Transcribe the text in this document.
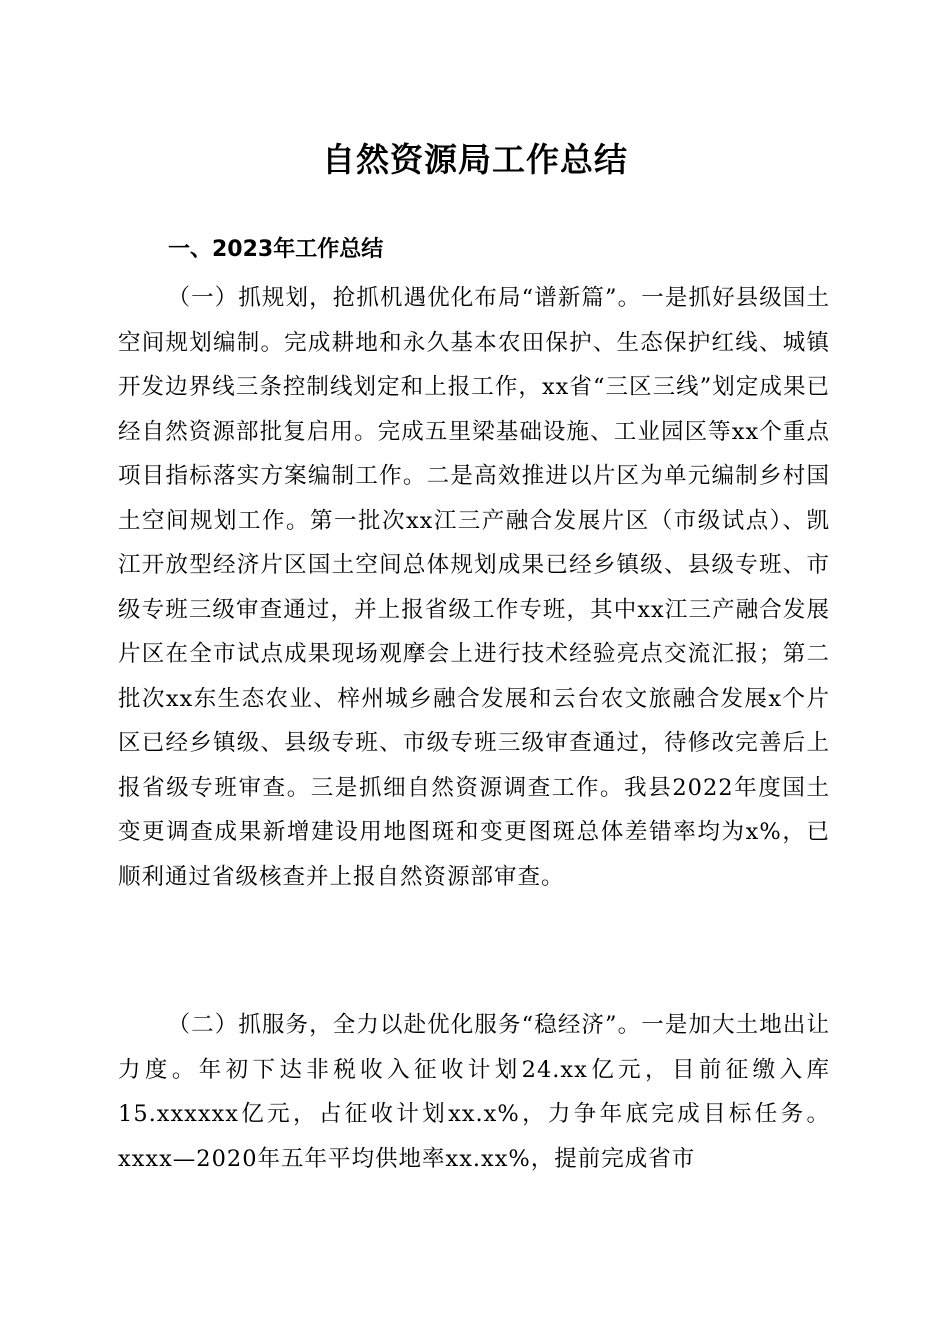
自然资源局工作总结
一、2023年工作总结

（一）抓规划，抢抓机遇优化布局“谱新篇”。一是抓好县级国土空间规划编制。完成耕地和永久基本农田保护、生态保护红线、城镇开发边界线三条控制线划定和上报工作，xx省“三区三线”划定成果已经自然资源部批复启用。完成五里梁基础设施、工业园区等xx个重点项目指标落实方案编制工作。二是高效推进以片区为单元编制乡村国土空间规划工作。第一批次xx江三产融合发展片区（市级试点）、凯江开放型经济片区国土空间总体规划成果已经乡镇级、县级专班、市级专班三级审查通过，并上报省级工作专班，其中xx江三产融合发展片区在全市试点成果现场观摩会上进行技术经验亮点交流汇报；第二批次xx东生态农业、梓州城乡融合发展和云台农文旅融合发展x个片区已经乡镇级、县级专班、市级专班三级审查通过，待修改完善后上报省级专班审查。三是抓细自然资源调查工作。我县2022年度国土变更调查成果新增建设用地图斑和变更图斑总体差错率均为x%，已顺利通过省级核查并上报自然资源部审查。

（二）抓服务，全力以赴优化服务“稳经济”。一是加大土地出让力度。年初下达非税收入征收计划24.xx亿元，目前征缴入库15.xxxxxx亿元，占征收计划xx.x%，力争年底完成目标任务。xxxx—2020年五年平均供地率xx.xx%，提前完成省市
